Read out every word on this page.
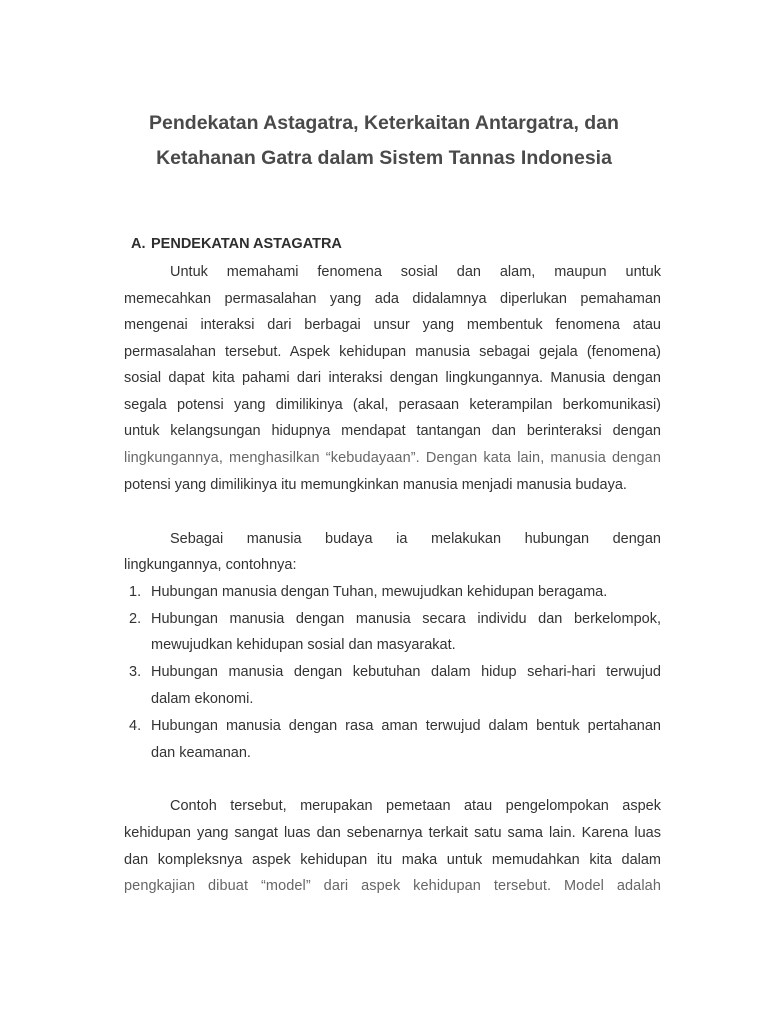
Pendekatan Astagatra, Keterkaitan Antargatra, dan
Ketahanan Gatra dalam Sistem Tannas Indonesia
A. PENDEKATAN ASTAGATRA
Untuk memahami fenomena sosial dan alam, maupun untuk
memecahkan permasalahan yang ada didalamnya diperlukan pemahaman
mengenai interaksi dari berbagai unsur yang membentuk fenomena atau
permasalahan tersebut. Aspek kehidupan manusia sebagai gejala (fenomena)
sosial dapat kita pahami dari interaksi dengan lingkungannya. Manusia dengan
segala potensi yang dimilikinya (akal, perasaan keterampilan berkomunikasi)
untuk kelangsungan hidupnya mendapat tantangan dan berinteraksi dengan
lingkungannya, menghasilkan “kebudayaan”. Dengan kata lain, manusia dengan
potensi yang dimilikinya itu memungkinkan manusia menjadi manusia budaya.
Sebagai manusia budaya ia melakukan hubungan dengan
lingkungannya, contohnya:
1. Hubungan manusia dengan Tuhan, mewujudkan kehidupan beragama.
2. Hubungan manusia dengan manusia secara individu dan berkelompok,
mewujudkan kehidupan sosial dan masyarakat.
3. Hubungan manusia dengan kebutuhan dalam hidup sehari-hari terwujud
dalam ekonomi.
4. Hubungan manusia dengan rasa aman terwujud dalam bentuk pertahanan
dan keamanan.
Contoh tersebut, merupakan pemetaan atau pengelompokan aspek
kehidupan yang sangat luas dan sebenarnya terkait satu sama lain. Karena luas
dan kompleksnya aspek kehidupan itu maka untuk memudahkan kita dalam
pengkajian dibuat “model” dari aspek kehidupan tersebut. Model adalah
